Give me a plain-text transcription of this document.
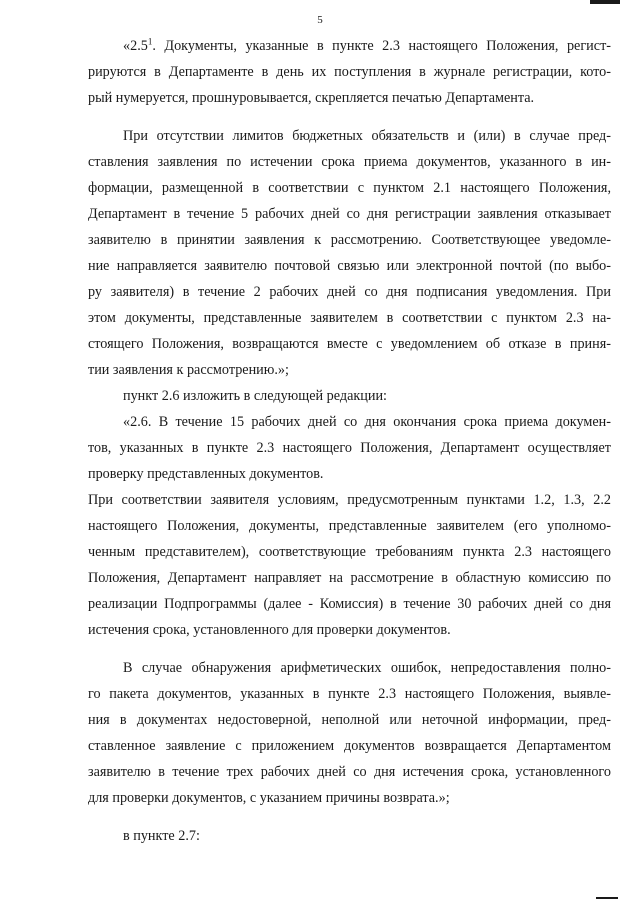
5
«$2.5^1$. Документы, указанные в пункте 2.3 настоящего Положения, регист-
рируются в Департаменте в день их поступления в журнале регистрации, кото-
рый нумеруется, прошнуровывается, скрепляется печатью Департамента.
При отсутствии лимитов бюджетных обязательств и (или) в случае пред-
ставления заявления по истечении срока приема документов, указанного в ин-
формации, размещенной в соответствии с пунктом 2.1 настоящего Положения,
Департамент в течение 5 рабочих дней со дня регистрации заявления отказывает
заявителю в принятии заявления к рассмотрению. Соответствующее уведомле-
ние направляется заявителю почтовой связью или электронной почтой (по выбо-
ру заявителя) в течение 2 рабочих дней со дня подписания уведомления. При
этом документы, представленные заявителем в соответствии с пунктом 2.3 на-
стоящего Положения, возвращаются вместе с уведомлением об отказе в приня-
тии заявления к рассмотрению.»;
пункт 2.6 изложить в следующей редакции:
«2.6. В течение 15 рабочих дней со дня окончания срока приема докумен-
тов, указанных в пункте 2.3 настоящего Положения, Департамент осуществляет
проверку представленных документов.
При соответствии заявителя условиям, предусмотренным пунктами 1.2, 1.3, 2.2
настоящего Положения, документы, представленные заявителем (его уполномо-
ченным представителем), соответствующие требованиям пункта 2.3 настоящего
Положения, Департамент направляет на рассмотрение в областную комиссию по
реализации Подпрограммы (далее - Комиссия) в течение 30 рабочих дней со дня
истечения срока, установленного для проверки документов.
В случае обнаружения арифметических ошибок, непредоставления полно-
го пакета документов, указанных в пункте 2.3 настоящего Положения, выявле-
ния в документах недостоверной, неполной или неточной информации, пред-
ставленное заявление с приложением документов возвращается Департаментом
заявителю в течение трех рабочих дней со дня истечения срока, установленного
для проверки документов, с указанием причины возврата.»;
в пункте 2.7:
